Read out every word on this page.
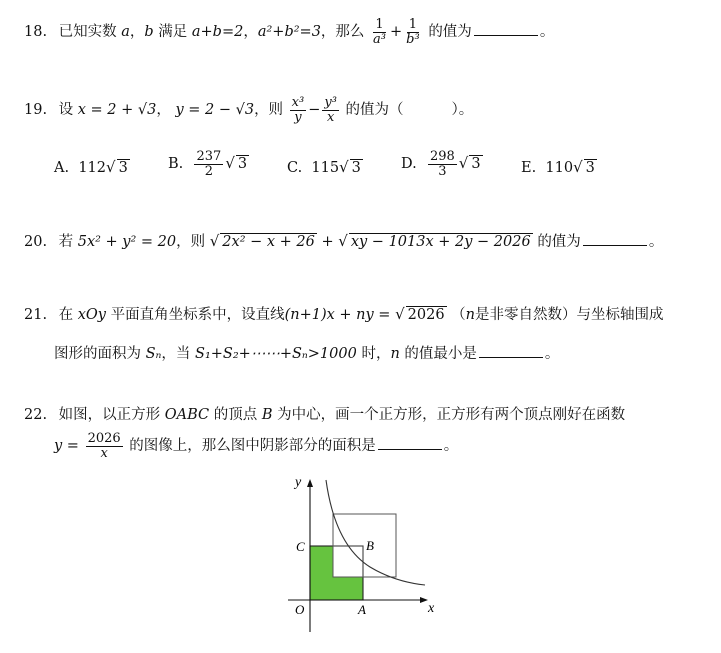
18. 已知实数 a，b 满足 a+b=2，a²+b²=3，那么 $\frac{1}{\text{a³}} + \frac{1}{\text{b³}}$ 的值为	。
19. 设 x = 2 + √3， y = 2 − √3，则 $\frac{\text{x³}}{y} - \frac{\text{y³}}{x}$ 的值为（	）。
A. 112√ 3	B. $\frac{237}{2}$ √ 3	C. 115√ 3	D. $\frac{298}{3}$ √ 3	E. 110√ 3
20. 若 5x² + y² = 20，则 √ 2x² − x + 26 + √ xy − 1013x + 2y − 2026 的值为	。
21. 在 xOy 平面直角坐标系中，设直线(n+1)x + ny = √ 2026 （n是非零自然数）与坐标轴围成
图形的面积为 Sₙ，当 S₁+S₂+⋯⋯+Sₙ>1000 时，n 的值最小是	。
22. 如图，以正方形 OABC 的顶点 B 为中心，画一个正方形，正方形有两个顶点刚好在函数
$y = \frac{2026}{x}$ 的图像上，那么图中阴影部分的面积是	。
y
x
O	A
B
C
